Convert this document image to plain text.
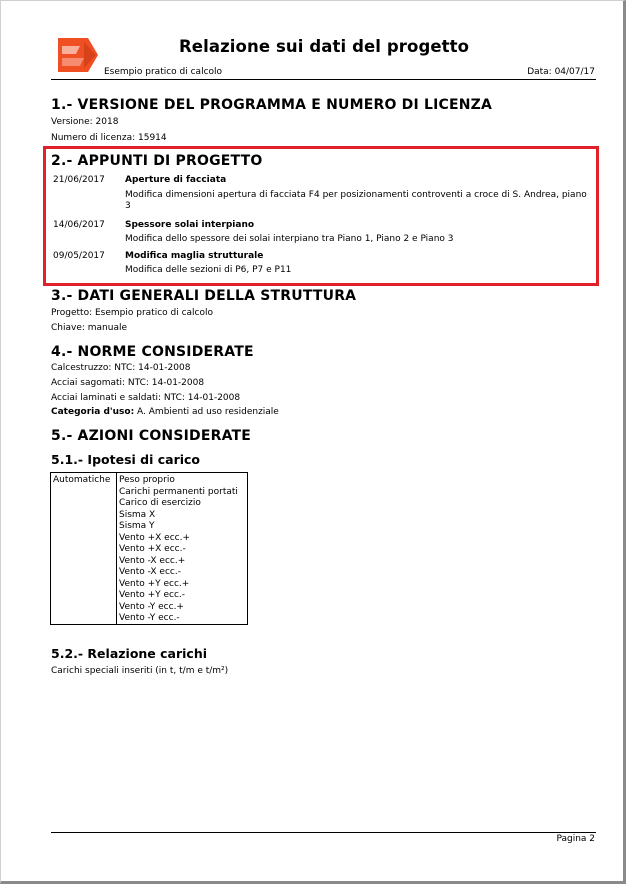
Relazione sui dati del progetto
Esempio pratico di calcolo	Data: 04/07/17
1.- VERSIONE DEL PROGRAMMA E NUMERO DI LICENZA
Versione: 2018
Numero di licenza: 15914
2.- APPUNTI DI PROGETTO
21/06/2017 Aperture di facciata
Modifica dimensioni apertura di facciata F4 per posizionamenti controventi a croce di S. Andrea, piano 3
14/06/2017 Spessore solai interpiano
Modifica dello spessore dei solai interpiano tra Piano 1, Piano 2 e Piano 3
09/05/2017 Modifica maglia strutturale
Modifica delle sezioni di P6, P7 e P11
3.- DATI GENERALI DELLA STRUTTURA
Progetto: Esempio pratico di calcolo
Chiave: manuale
4.- NORME CONSIDERATE
Calcestruzzo: NTC: 14-01-2008
Acciai sagomati: NTC: 14-01-2008
Acciai laminati e saldati: NTC: 14-01-2008
Categoria d'uso: A. Ambienti ad uso residenziale
5.- AZIONI CONSIDERATE
5.1.- Ipotesi di carico
Automatiche Peso proprio
Carichi permanenti portati
Carico di esercizio
Sisma X
Sisma Y
Vento +X ecc.+
Vento +X ecc.-
Vento -X ecc.+
Vento -X ecc.-
Vento +Y ecc.+
Vento +Y ecc.-
Vento -Y ecc.+
Vento -Y ecc.-
5.2.- Relazione carichi
Carichi speciali inseriti (in t, t/m e t/m²)
Pagina 2
